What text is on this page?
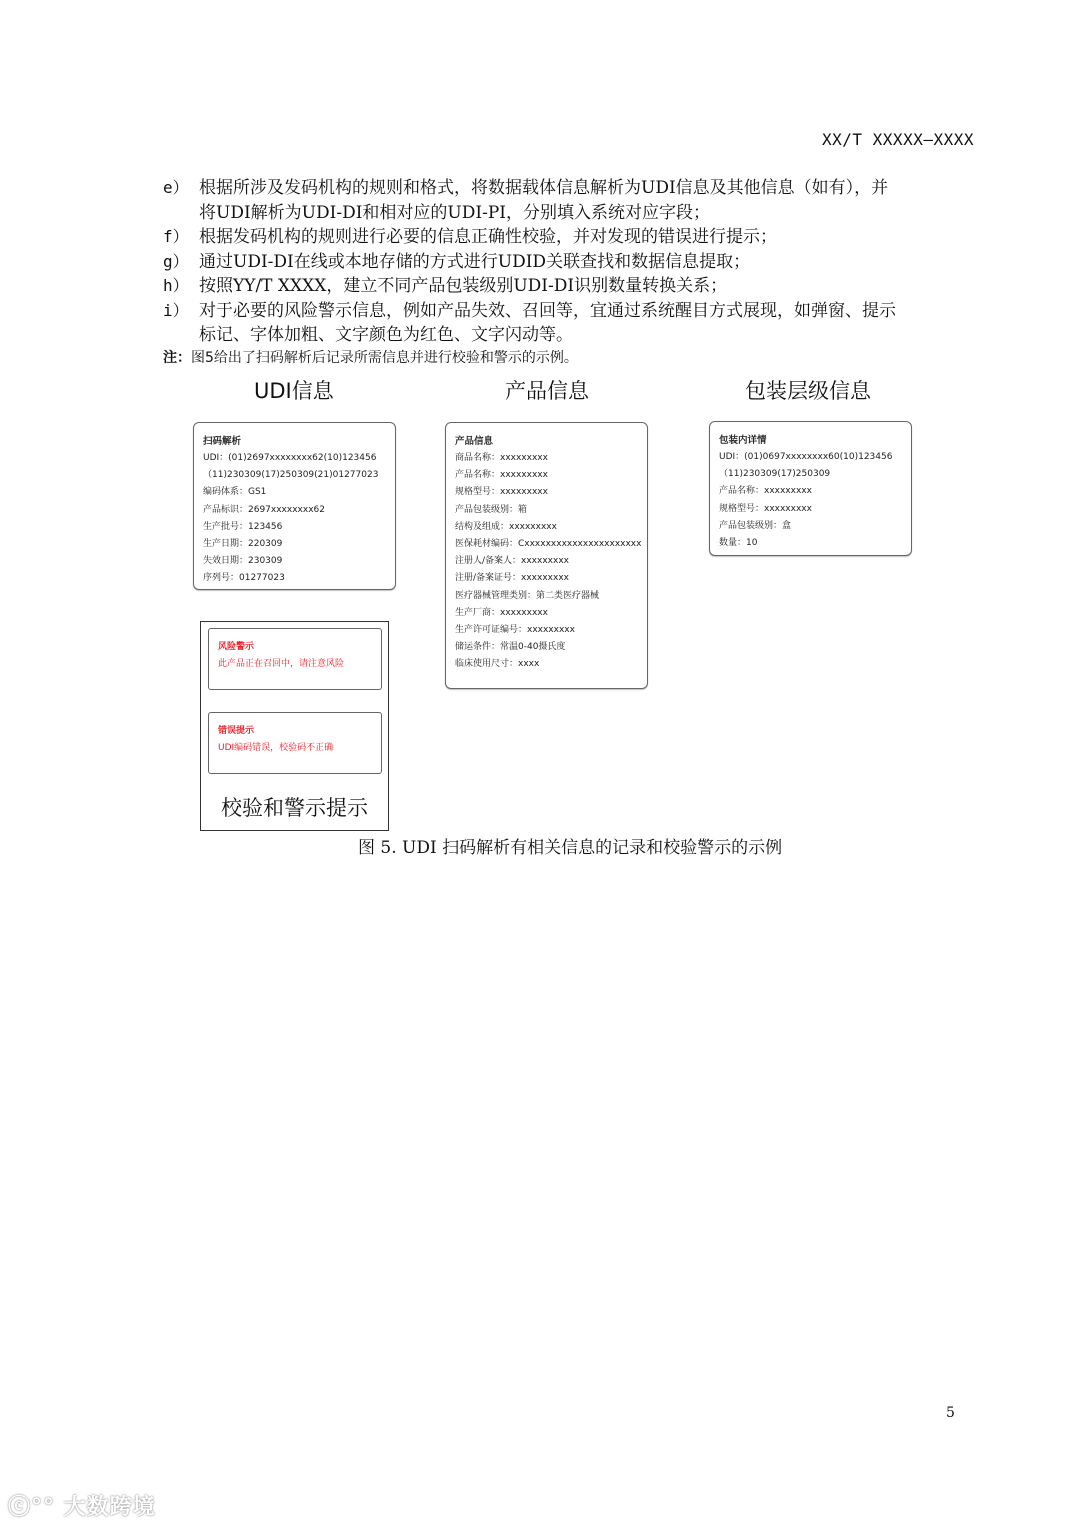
XX/T XXXXX—XXXX
e） 根据所涉及发码机构的规则和格式，将数据载体信息解析为UDI信息及其他信息（如有），并
将UDI解析为UDI-DI和相对应的UDI-PI，分别填入系统对应字段；
f） 根据发码机构的规则进行必要的信息正确性校验，并对发现的错误进行提示；
g） 通过UDI-DI在线或本地存储的方式进行UDID关联查找和数据信息提取；
h） 按照YY/T XXXX，建立不同产品包装级别UDI-DI识别数量转换关系；
i） 对于必要的风险警示信息，例如产品失效、召回等，宜通过系统醒目方式展现，如弹窗、提示
标记、字体加粗、文字颜色为红色、文字闪动等。
注：图5给出了扫码解析后记录所需信息并进行校验和警示的示例。
UDI信息	产品信息	包装层级信息
扫码解析
UDI：(01)2697xxxxxxxx62(10)123456
（11)230309(17)250309(21)01277023
编码体系：GS1
产品标识：2697xxxxxxxx62
生产批号：123456
生产日期：220309
失效日期：230309
序列号：01277023
产品信息
商品名称：xxxxxxxxx
产品名称：xxxxxxxxx
规格型号：xxxxxxxxx
产品包装级别：箱
结构及组成：xxxxxxxxx
医保耗材编码：Cxxxxxxxxxxxxxxxxxxxxxx
注册人/备案人：xxxxxxxxx
注册/备案证号：xxxxxxxxx
医疗器械管理类别：第二类医疗器械
生产厂商：xxxxxxxxx
生产许可证编号：xxxxxxxxx
储运条件：常温0-40摄氏度
临床使用尺寸：xxxx
包装内详情
UDI：(01)0697xxxxxxxx60(10)123456
（11)230309(17)250309
产品名称：xxxxxxxxx
规格型号：xxxxxxxxx
产品包装级别：盒
数量：10
风险警示
此产品正在召回中，请注意风险
错误提示
UDI编码错误，校验码不正确
校验和警示提示
图 5. UDI 扫码解析有相关信息的记录和校验警示的示例
5
ⓒ°° 大数跨境
